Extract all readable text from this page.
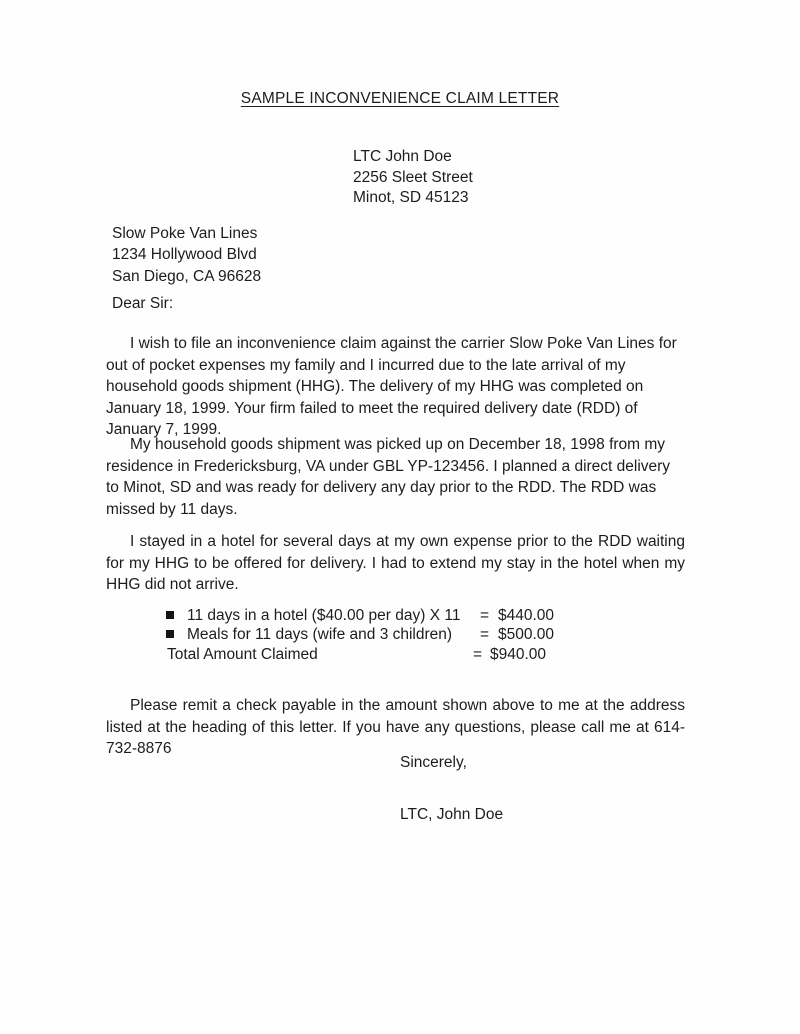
SAMPLE INCONVENIENCE CLAIM LETTER
LTC John Doe
2256 Sleet Street
Minot, SD 45123
Slow Poke Van Lines
1234 Hollywood Blvd
San Diego, CA 96628
Dear Sir:
I wish to file an inconvenience claim against the carrier Slow Poke Van Lines for out of pocket expenses my family and I incurred due to the late arrival of my household goods shipment (HHG). The delivery of my HHG was completed on January 18, 1999. Your firm failed to meet the required delivery date (RDD) of January 7, 1999.
My household goods shipment was picked up on December 18, 1998 from my residence in Fredericksburg, VA under GBL YP-123456. I planned a direct delivery to Minot, SD and was ready for delivery any day prior to the RDD. The RDD was missed by 11 days.
I stayed in a hotel for several days at my own expense prior to the RDD waiting for my HHG to be offered for delivery. I had to extend my stay in the hotel when my HHG did not arrive.
11 days in a hotel ($40.00 per day) X 11	= $440.00
Meals for 11 days (wife and 3 children)	= $500.00
Total Amount Claimed	= $940.00
Please remit a check payable in the amount shown above to me at the address listed at the heading of this letter. If you have any questions, please call me at 614-732-8876
Sincerely,
LTC, John Doe
